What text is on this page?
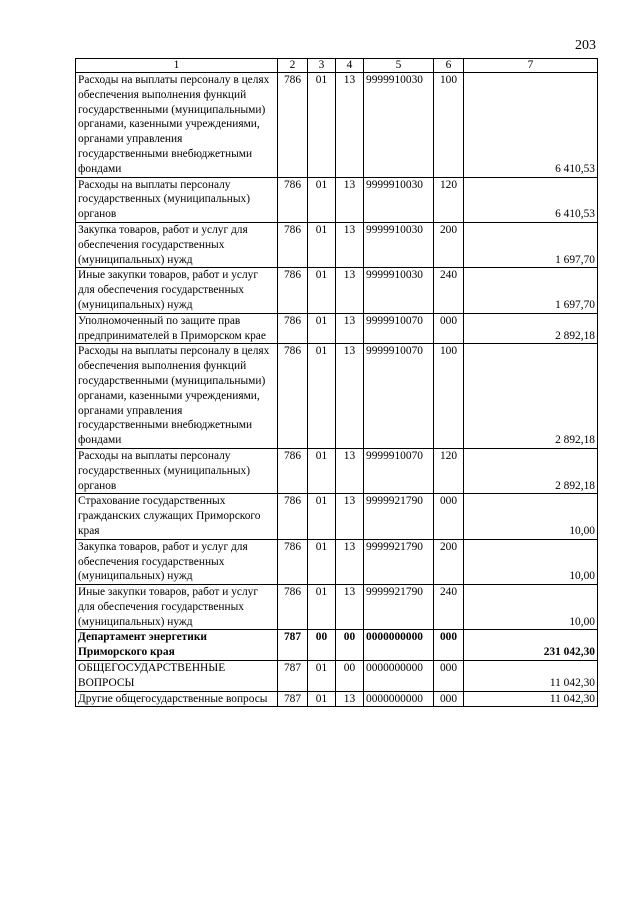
203
1	2	3	4	5	6	7
Расходы на выплаты персоналу в целях обеспечения выполнения функций государственными (муниципальными) органами, казенными учреждениями, органами управления государственными внебюджетными фондами	786	01	13	9999910030	100	6 410,53
Расходы на выплаты персоналу государственных (муниципальных) органов	786	01	13	9999910030	120	6 410,53
Закупка товаров, работ и услуг для обеспечения государственных (муниципальных) нужд	786	01	13	9999910030	200	1 697,70
Иные закупки товаров, работ и услуг для обеспечения государственных (муниципальных) нужд	786	01	13	9999910030	240	1 697,70
Уполномоченный по защите прав предпринимателей в Приморском крае	786	01	13	9999910070	000	2 892,18
Расходы на выплаты персоналу в целях обеспечения выполнения функций государственными (муниципальными) органами, казенными учреждениями, органами управления государственными внебюджетными фондами	786	01	13	9999910070	100	2 892,18
Расходы на выплаты персоналу государственных (муниципальных) органов	786	01	13	9999910070	120	2 892,18
Страхование государственных гражданских служащих Приморского края	786	01	13	9999921790	000	10,00
Закупка товаров, работ и услуг для обеспечения государственных (муниципальных) нужд	786	01	13	9999921790	200	10,00
Иные закупки товаров, работ и услуг для обеспечения государственных (муниципальных) нужд	786	01	13	9999921790	240	10,00
Департамент энергетики Приморского края	787	00	00	0000000000	000	231 042,30
ОБЩЕГОСУДАРСТВЕННЫЕ ВОПРОСЫ	787	01	00	0000000000	000	11 042,30
Другие общегосударственные вопросы	787	01	13	0000000000	000	11 042,30
